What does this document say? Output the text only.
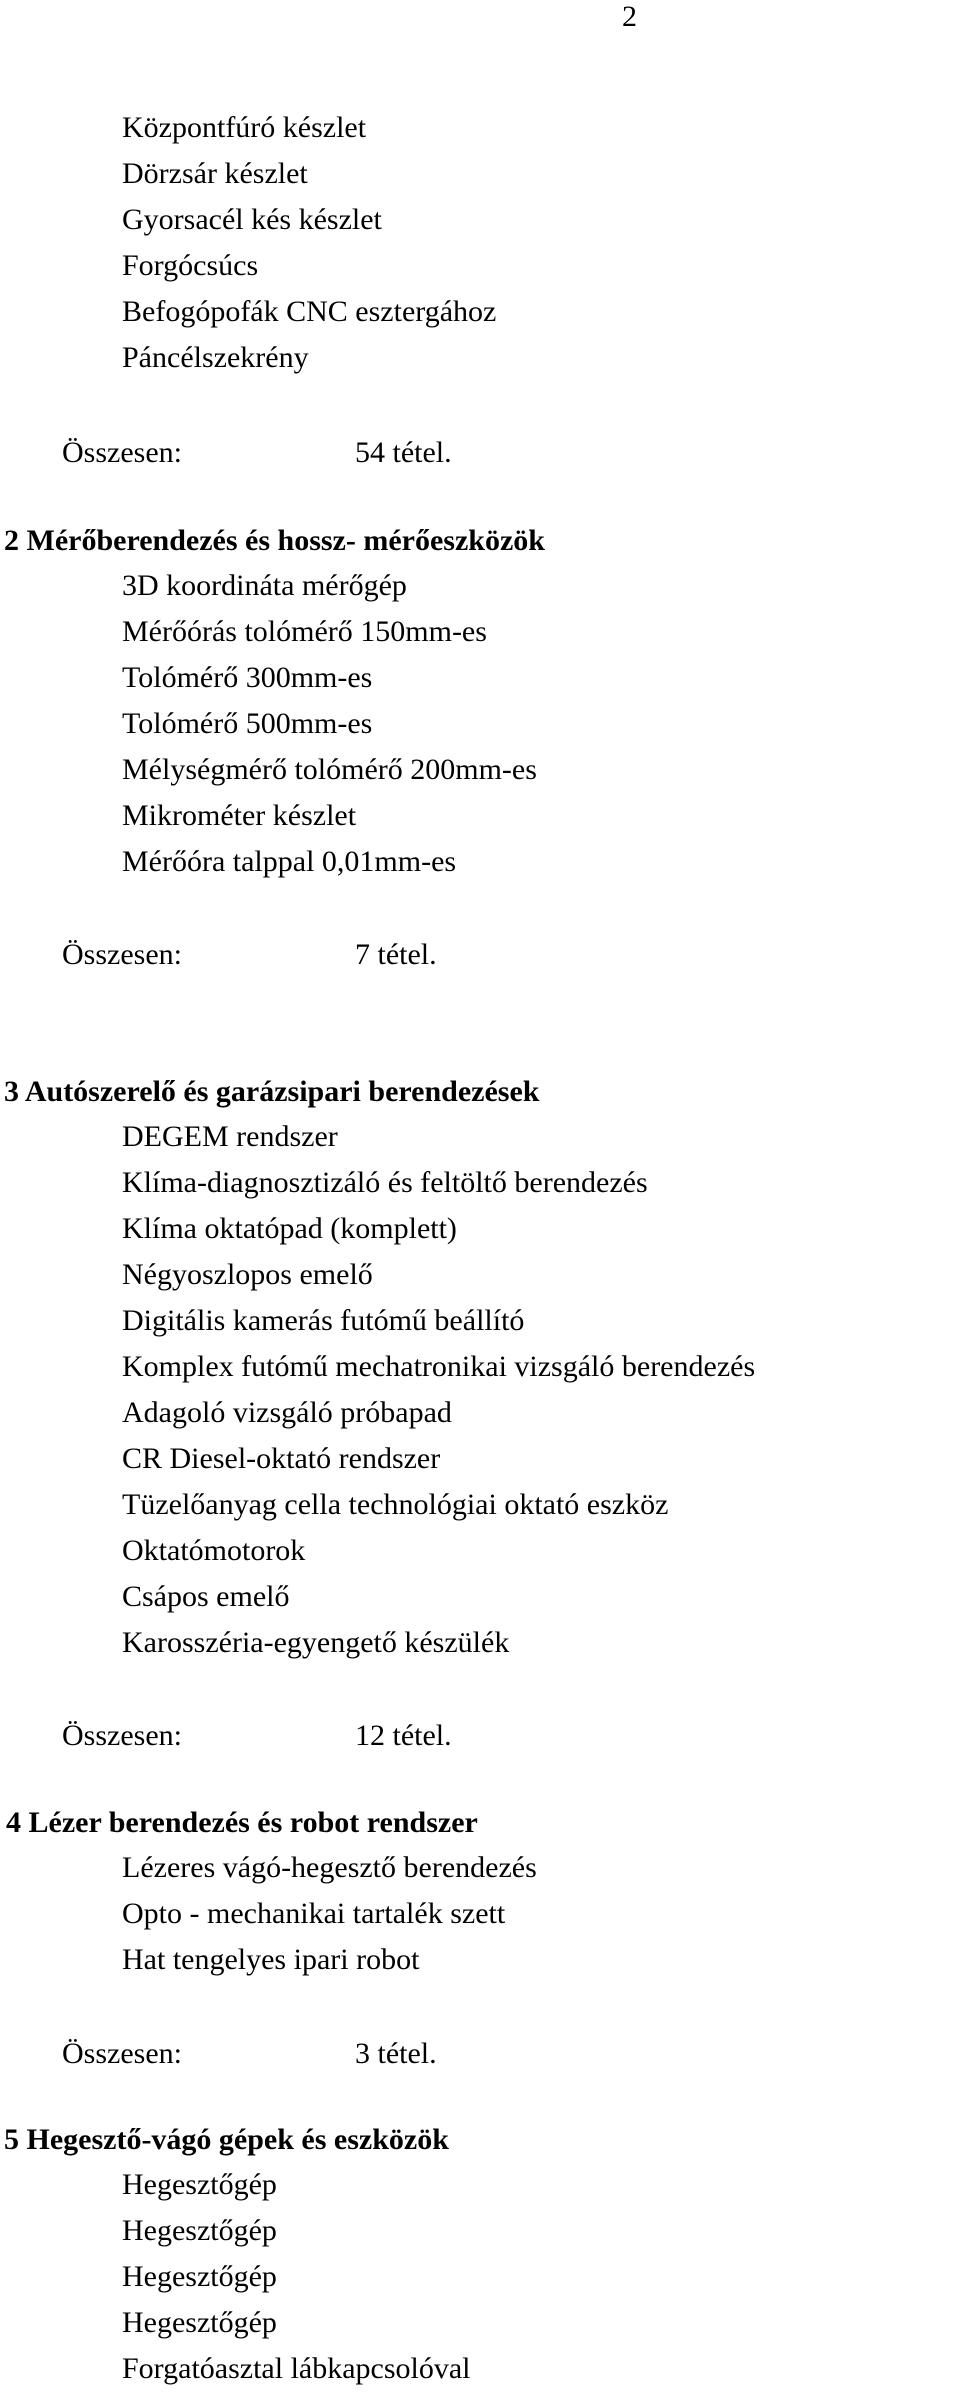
2
Központfúró készlet
Dörzsár készlet
Gyorsacél kés készlet
Forgócsúcs
Befogópofák CNC esztergához
Páncélszekrény
Összesen:	54 tétel.
2 Mérőberendezés és hossz- mérőeszközök
3D koordináta mérőgép
Mérőórás tolómérő 150mm-es
Tolómérő 300mm-es
Tolómérő 500mm-es
Mélységmérő tolómérő 200mm-es
Mikrométer készlet
Mérőóra talppal 0,01mm-es
Összesen:	7 tétel.
3 Autószerelő és garázsipari berendezések
DEGEM rendszer
Klíma-diagnosztizáló és feltöltő berendezés
Klíma oktatópad (komplett)
Négyoszlopos emelő
Digitális kamerás futómű beállító
Komplex futómű mechatronikai vizsgáló berendezés
Adagoló vizsgáló próbapad
CR Diesel-oktató rendszer
Tüzelőanyag cella technológiai oktató eszköz
Oktatómotorok
Csápos emelő
Karosszéria-egyengető készülék
Összesen:	12 tétel.
4 Lézer berendezés és robot rendszer
Lézeres vágó-hegesztő berendezés
Opto - mechanikai tartalék szett
Hat tengelyes ipari robot
Összesen:	3 tétel.
5 Hegesztő-vágó gépek és eszközök
Hegesztőgép
Hegesztőgép
Hegesztőgép
Hegesztőgép
Forgatóasztal lábkapcsolóval
